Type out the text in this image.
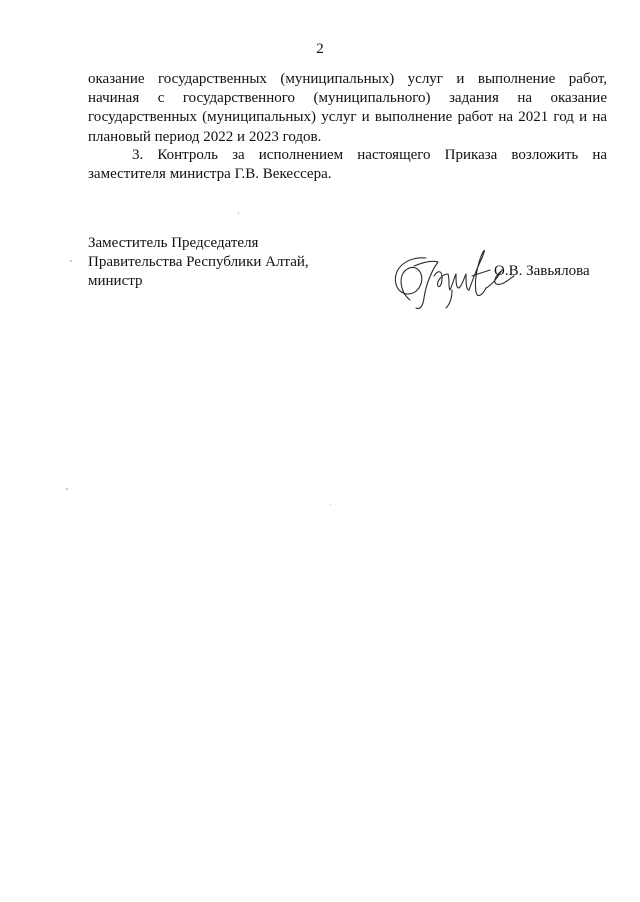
2
оказание государственных (муниципальных) услуг и выполнение работ,
начиная с государственного (муниципального) задания на оказание
государственных (муниципальных) услуг и выполнение работ на 2021 год и на
плановый период 2022 и 2023 годов.
3. Контроль за исполнением настоящего Приказа возложить на
заместителя министра Г.В. Векессера.
Заместитель Председателя
Правительства Республики Алтай,
министр
О.В. Завьялова
